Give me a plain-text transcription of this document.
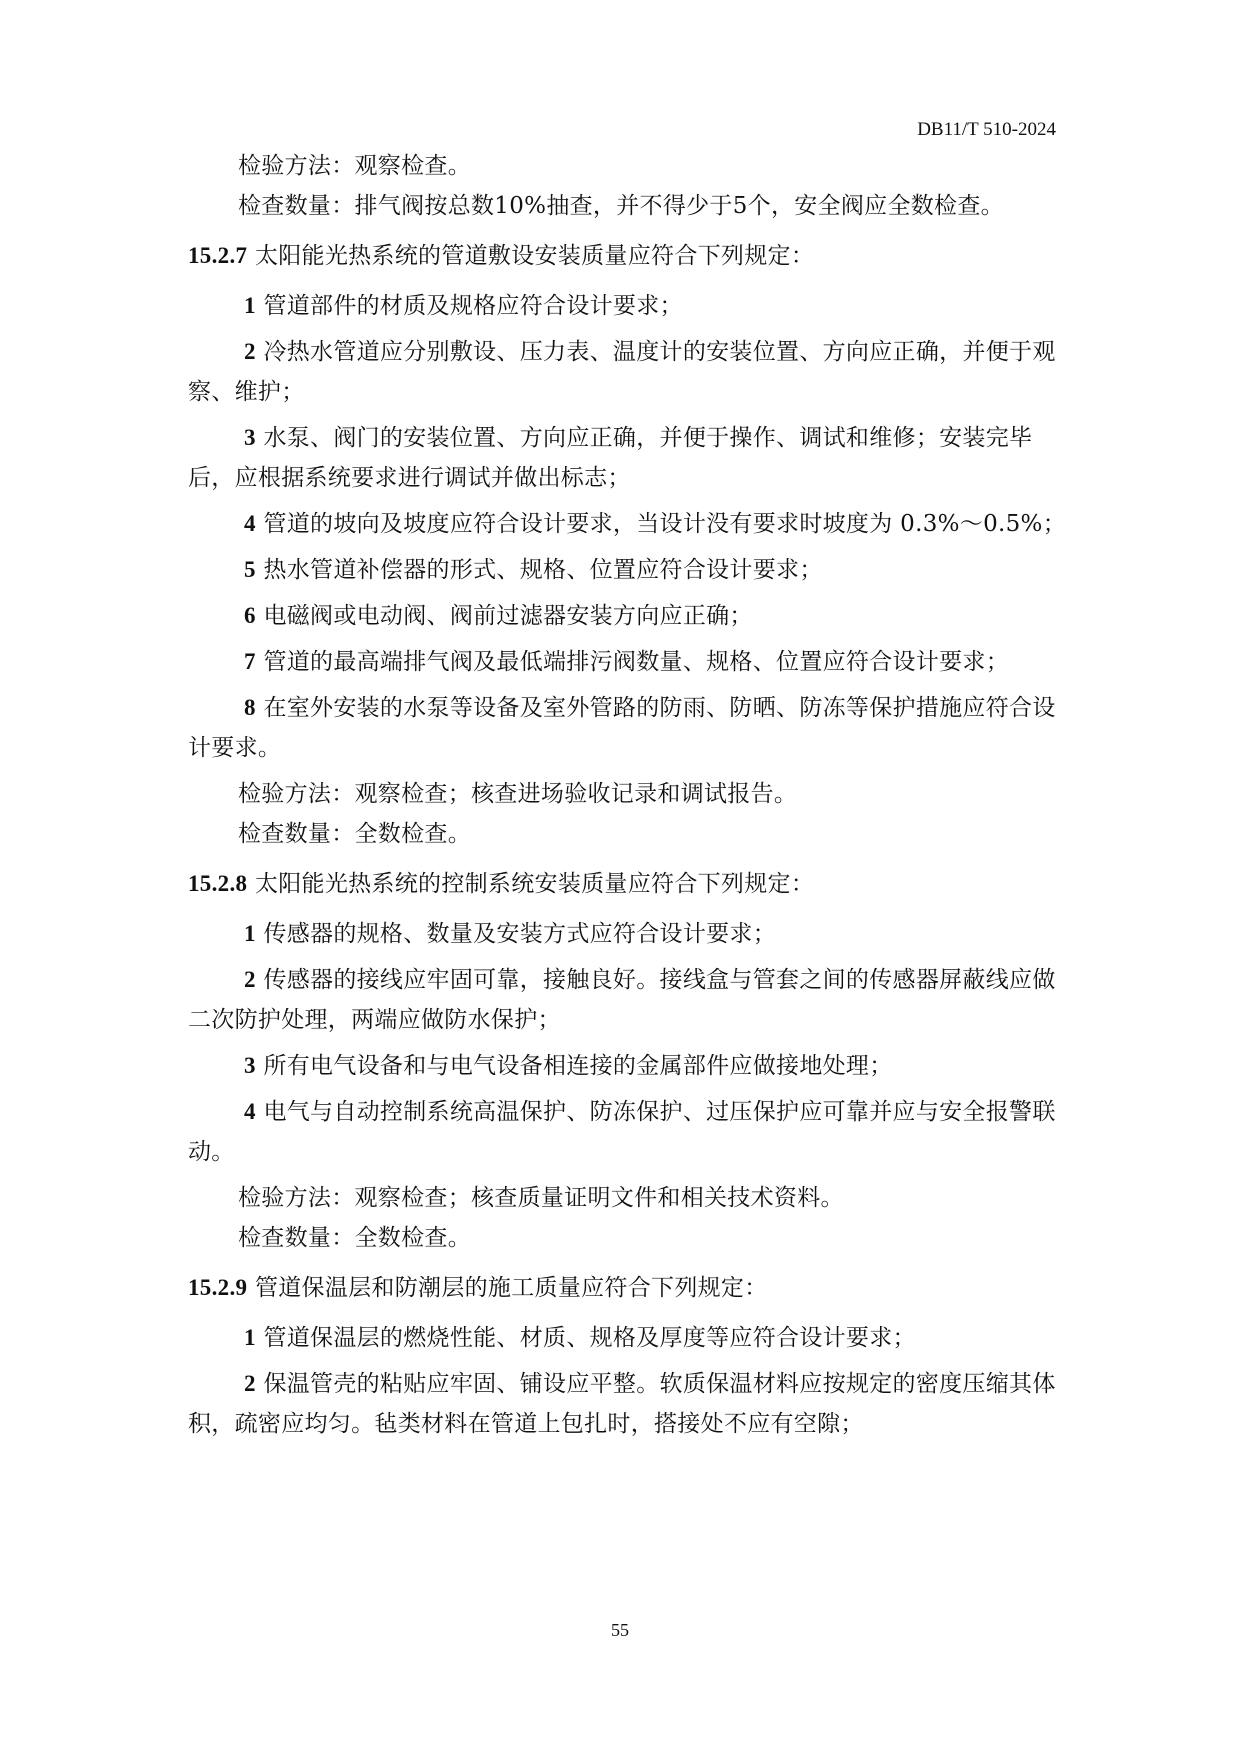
DB11/T 510-2024

检验方法：观察检查。

检查数量：排气阀按总数10%抽查，并不得少于5个，安全阀应全数检查。

15.2.7 太阳能光热系统的管道敷设安装质量应符合下列规定：

1 管道部件的材质及规格应符合设计要求；

2 冷热水管道应分别敷设、压力表、温度计的安装位置、方向应正确，并便于观察、维护；

3 水泵、阀门的安装位置、方向应正确，并便于操作、调试和维修；安装完毕后，应根据系统要求进行调试并做出标志；

4 管道的坡向及坡度应符合设计要求，当设计没有要求时坡度为 0.3%～0.5%；

5 热水管道补偿器的形式、规格、位置应符合设计要求；

6 电磁阀或电动阀、阀前过滤器安装方向应正确；

7 管道的最高端排气阀及最低端排污阀数量、规格、位置应符合设计要求；

8 在室外安装的水泵等设备及室外管路的防雨、防晒、防冻等保护措施应符合设计要求。

检验方法：观察检查；核查进场验收记录和调试报告。

检查数量：全数检查。

15.2.8 太阳能光热系统的控制系统安装质量应符合下列规定：

1 传感器的规格、数量及安装方式应符合设计要求；

2 传感器的接线应牢固可靠，接触良好。接线盒与管套之间的传感器屏蔽线应做二次防护处理，两端应做防水保护；

3 所有电气设备和与电气设备相连接的金属部件应做接地处理；

4 电气与自动控制系统高温保护、防冻保护、过压保护应可靠并应与安全报警联动。

检验方法：观察检查；核查质量证明文件和相关技术资料。

检查数量：全数检查。

15.2.9 管道保温层和防潮层的施工质量应符合下列规定：

1 管道保温层的燃烧性能、材质、规格及厚度等应符合设计要求；

2 保温管壳的粘贴应牢固、铺设应平整。软质保温材料应按规定的密度压缩其体积，疏密应均匀。毡类材料在管道上包扎时，搭接处不应有空隙；

55
